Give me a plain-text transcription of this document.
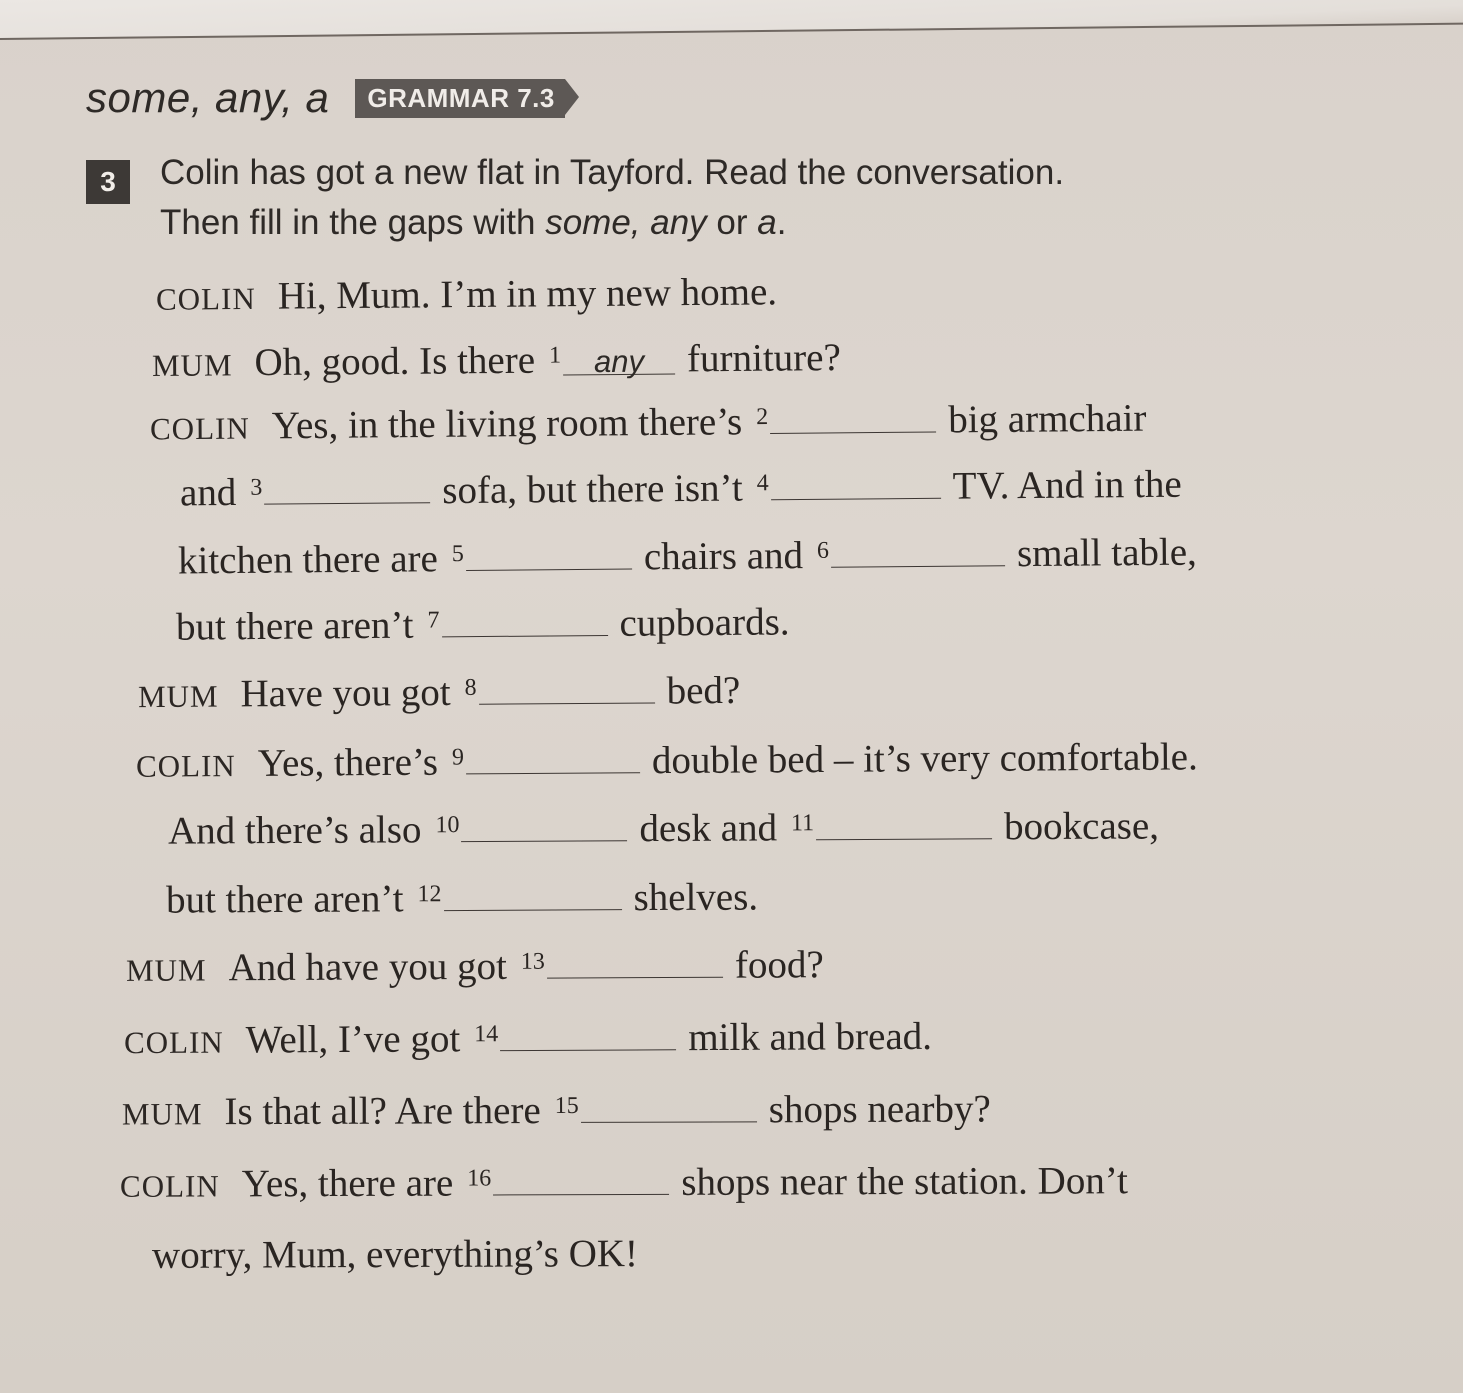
some, any, a	GRAMMAR 7.3
3	Colin has got a new flat in Tayford. Read the conversation.
Then fill in the gaps with some, any or a.
COLIN Hi, Mum. I’m in my new home.
MUM Oh, good. Is there 1	any	furniture?
COLIN Yes, in the living room there’s 2	big armchair
and 3	sofa, but there isn’t 4	TV. And in the
kitchen there are 5	chairs and 6	small table,
but there aren’t 7	cupboards.
MUM Have you got 8	bed?
COLIN Yes, there’s 9	double bed – it’s very comfortable.
And there’s also 10	desk and 11	bookcase,
but there aren’t 12	shelves.
MUM And have you got 13	food?
COLIN Well, I’ve got 14	milk and bread.
MUM Is that all? Are there 15	shops nearby?
COLIN Yes, there are 16	shops near the station. Don’t
worry, Mum, everything’s OK!
